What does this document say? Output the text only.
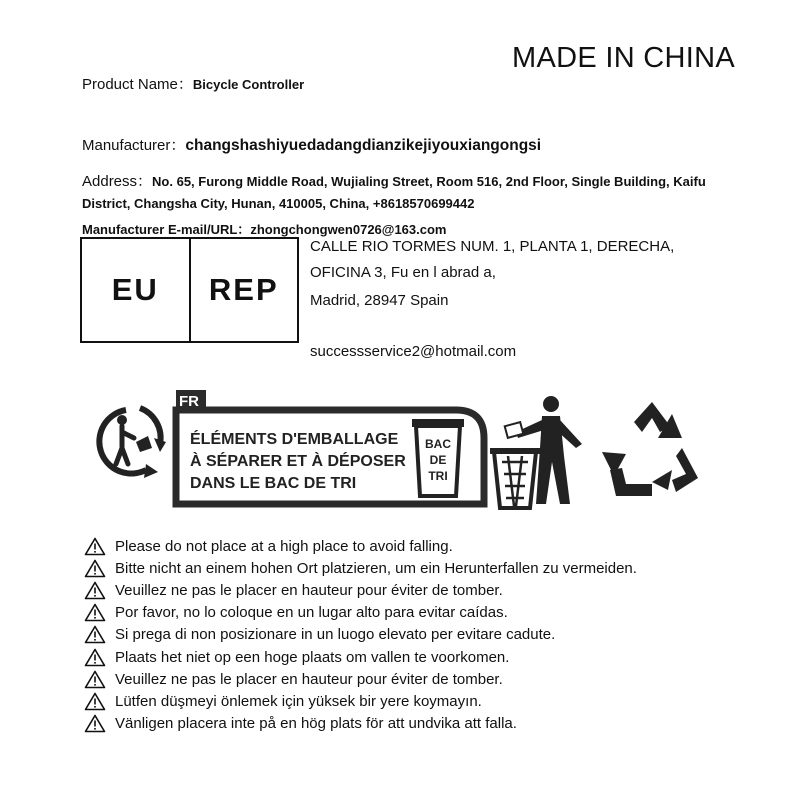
MADE IN CHINA
Product Name：Bicycle Controller
Manufacturer：changshashiyuedadangdianzikejiyouxiangongsi
Address：No. 65, Furong Middle Road, Wujialing Street, Room 516, 2nd Floor, Single Building, Kaifu District, Changsha City, Hunan, 410005, China, +8618570699442
Manufacturer E-mail/URL：zhongchongwen0726@163.com
EU	REP
CALLE RIO TORMES NUM. 1, PLANTA 1, DERECHA,
OFICINA 3, Fu en l abrad a,
Madrid, 28947 Spain
successservice2@hotmail.com
FR
ÉLÉMENTS D'EMBALLAGE
À SÉPARER ET À DÉPOSER
DANS LE BAC DE TRI
BAC
DE
TRI
Please do not place at a high place to avoid falling.
Bitte nicht an einem hohen Ort platzieren, um ein Herunterfallen zu vermeiden.
Veuillez ne pas le placer en hauteur pour éviter de tomber.
Por favor, no lo coloque en un lugar alto para evitar caídas.
Si prega di non posizionare in un luogo elevato per evitare cadute.
Plaats het niet op een hoge plaats om vallen te voorkomen.
Veuillez ne pas le placer en hauteur pour éviter de tomber.
Lütfen düşmeyi önlemek için yüksek bir yere koymayın.
Vänligen placera inte på en hög plats för att undvika att falla.
